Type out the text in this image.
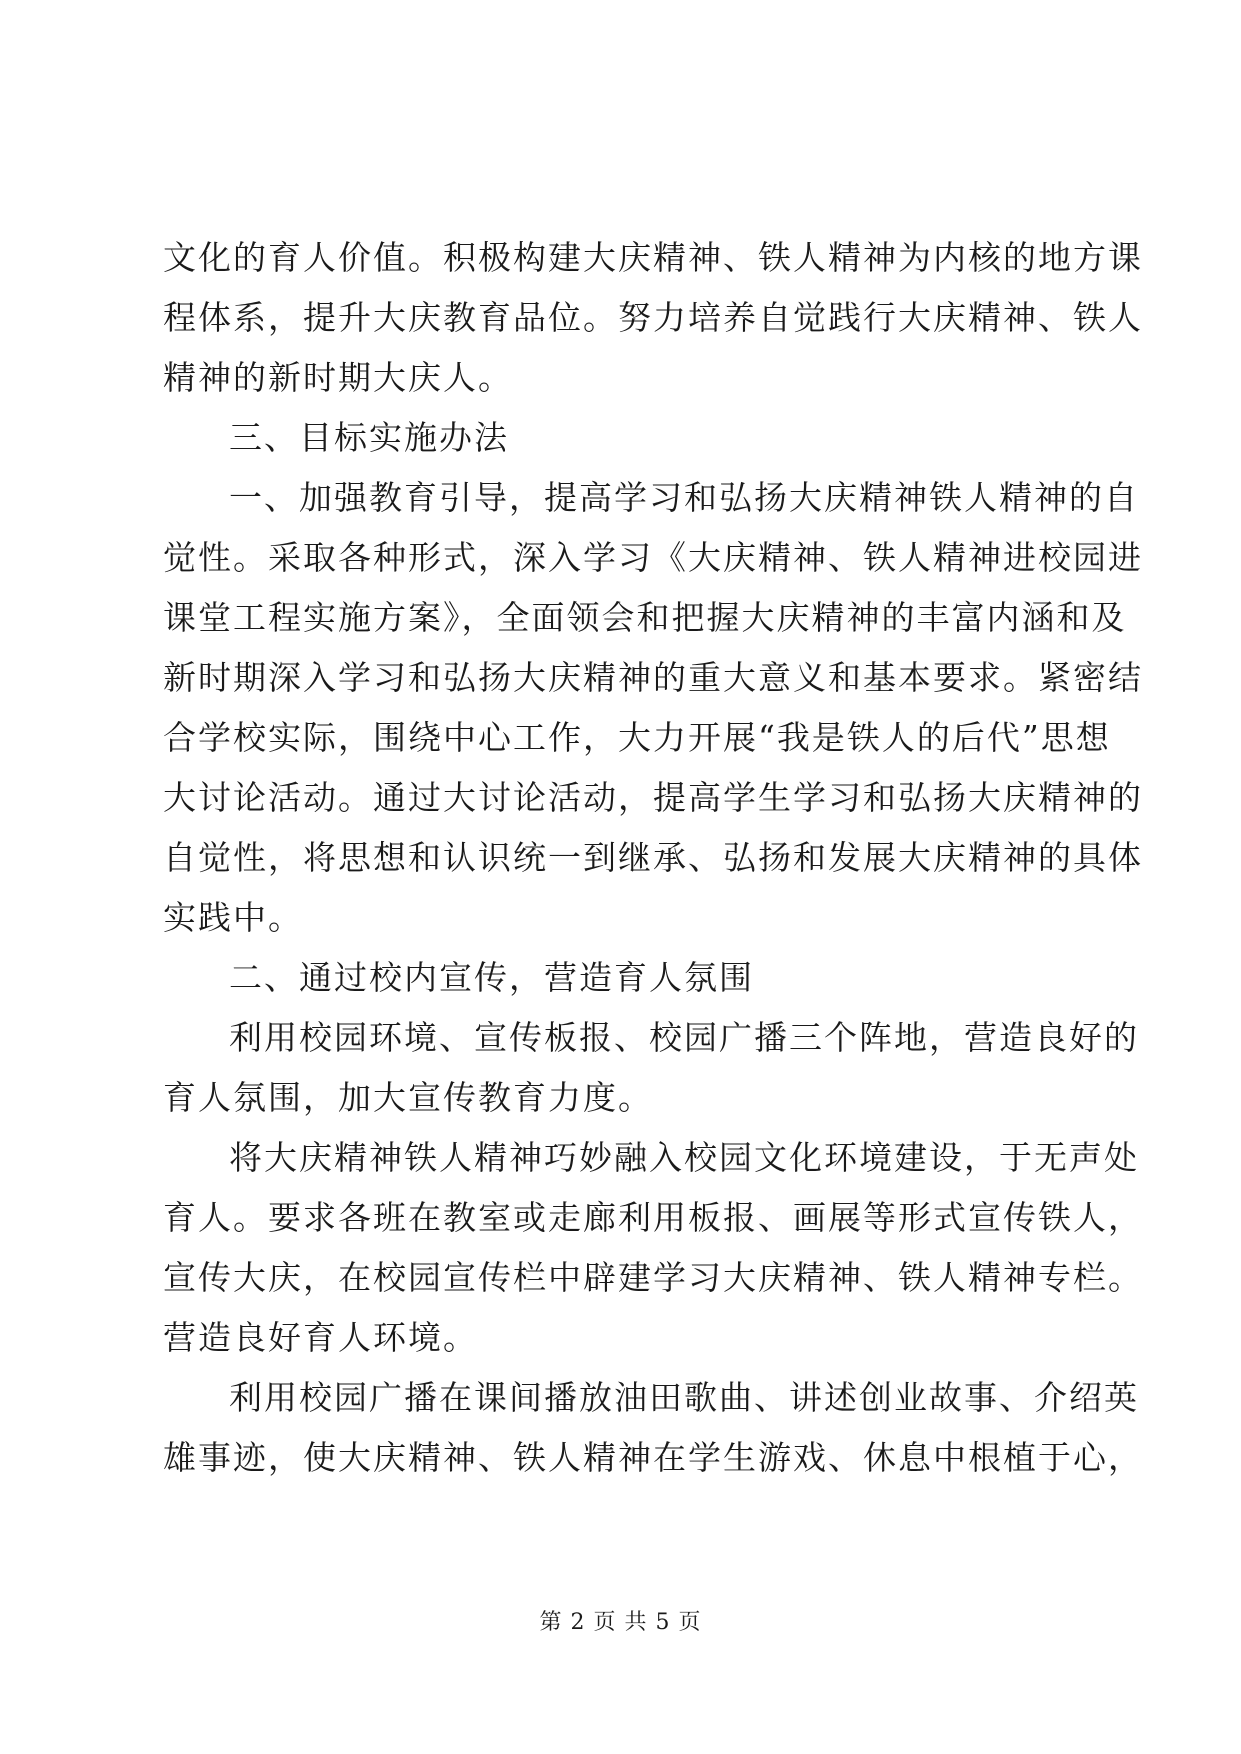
文化的育人价值。积极构建大庆精神、铁人精神为内核的地方课
程体系，提升大庆教育品位。努力培养自觉践行大庆精神、铁人
精神的新时期大庆人。
三、目标实施办法
一、加强教育引导，提高学习和弘扬大庆精神铁人精神的自
觉性。采取各种形式，深入学习《大庆精神、铁人精神进校园进
课堂工程实施方案》，全面领会和把握大庆精神的丰富内涵和及
新时期深入学习和弘扬大庆精神的重大意义和基本要求。紧密结
合学校实际，围绕中心工作，大力开展“我是铁人的后代”思想
大讨论活动。通过大讨论活动，提高学生学习和弘扬大庆精神的
自觉性，将思想和认识统一到继承、弘扬和发展大庆精神的具体
实践中。
二、通过校内宣传，营造育人氛围
利用校园环境、宣传板报、校园广播三个阵地，营造良好的
育人氛围，加大宣传教育力度。
将大庆精神铁人精神巧妙融入校园文化环境建设，于无声处
育人。要求各班在教室或走廊利用板报、画展等形式宣传铁人，
宣传大庆，在校园宣传栏中辟建学习大庆精神、铁人精神专栏。
营造良好育人环境。
利用校园广播在课间播放油田歌曲、讲述创业故事、介绍英
雄事迹，使大庆精神、铁人精神在学生游戏、休息中根植于心，
第 2 页 共 5 页
